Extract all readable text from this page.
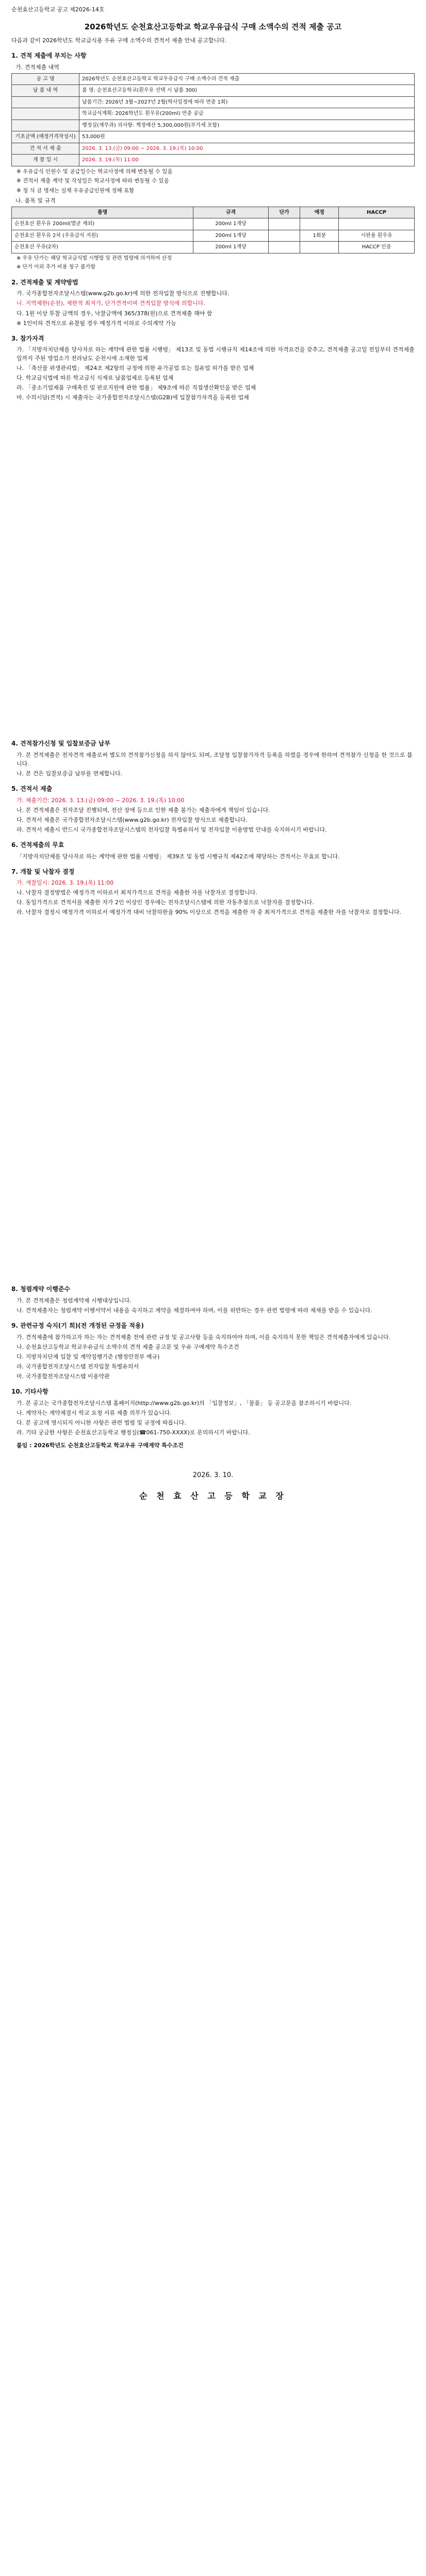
순천효산고등학교 공고 제2026-14호
2026학년도 순천효산고등학교 학교우유급식 구매 소액수의 견적 제출 공고
다음과 같이 2026학년도 학교급식용 우유 구매 소액수의 견적서 제출 안내 공고합니다.
1. 견적 제출에 부치는 사항
가. 견적제출 내역
공 고 명	2026학년도 순천효산고등학교 학교우유급식 구매 소액수의 견적 제출
납 품 내 역	품 명: 순천효산고등학교(흰우유 선택 시 납품 300)
	납품기간: 2026년 3월~2027년 2월(학사일정에 따라 연중 1회)
	학교급식계획: 2026학년도 흰우유(200ml) 연중 공급
	행정실(재무과) 의사항: 책정예산 5,300,000원(부가세 포함)
기초금액 (예정가격작성시)	53,000원
견 적 서 제 출	2026. 3. 13.(금) 09:00 ~ 2026. 3. 19.(목) 10:00
개 찰 일 시	2026. 3. 19.(목) 11:00
※ 우유급식 인원수 및 공급일수는 학교사정에 의해 변동될 수 있음
※ 견적서 제출 계약 및 작성일은 학교사정에 따라 변동될 수 있음
※ 청 식 금 명세는 실제 우유공급인원에 정해 포함
나. 품목 및 규격
품명	규격	단가	예정	HACCP
순천효산 흰우유 200ml(멸균 제외)	200ml 1개당			
순천효산 흰우유 2차 (우유급식 지원)	200ml 1개당		1회분	시판용 흰우유
순천효산 우유(2차)	200ml 1개당			HACCP 인증
※ 우유 단가는 해당 학교급식법 시행령 및 관련 법령에 의거하여 산정
※ 단가 이외 추가 비용 청구 불가함
2. 견적제출 및 계약방법
가. 국가종합전자조달시스템(www.g2b.go.kr)에 의한 전자입찰 방식으로 진행합니다.
나. 지역제한(순천), 제한적 최저가, 단가견적이며 견적입찰 방식에 의합니다.
다. 1원 이상 투찰 금액의 경우, 낙찰금액에 365/378(원)으로 견적제출 해야 함
※ 1인이하 견적으로 유찰될 경우 예정가격 이하로 수의계약 가능
3. 참가자격
가. 「지방자치단체를 당사자로 하는 계약에 관한 법률 시행령」 제13조 및 동법 시행규칙 제14조에 의한 자격요건을 갖추고, 견적제출 공고일 전일부터 견적제출일까지 주된 영업소가 전라남도 순천시에 소재한 업체
나. 「축산물 위생관리법」 제24조 제2항의 규정에 의한 유가공업 또는 집유업 허가를 받은 업체
다. 학교급식법에 따른 학교급식 식재료 납품업체로 등록된 업체
라. 「중소기업제품 구매촉진 및 판로지원에 관한 법률」 제9조에 따른 직접생산확인을 받은 업체
마. 수의시담(견적) 시 제출자는 국가종합전자조달시스템(G2B)에 입찰참가자격을 등록한 업체
4. 견적참가신청 및 입찰보증금 납부
가. 본 견적제출은 전자견적 제출로써 별도의 견적참가신청을 하지 않아도 되며, 조달청 입찰참가자격 등록을 하였을 경우에 한하여 견적참가 신청을 한 것으로 봅니다.
나. 본 건은 입찰보증금 납부를 면제합니다.
5. 견적서 제출
가. 제출기간: 2026. 3. 13.(금) 09:00 ~ 2026. 3. 19.(목) 10:00
나. 본 견적제출은 전자조달 진행되며, 전산 장애 등으로 인한 제출 불가는 제출자에게 책임이 있습니다.
다. 견적서 제출은 국가종합전자조달시스템(www.g2b.go.kr) 전자입찰 방식으로 제출합니다.
라. 견적서 제출시 반드시 국가종합전자조달시스템의 전자입찰 특별유의서 및 전자입찰 이용방법 안내를 숙지하시기 바랍니다.
6. 견적제출의 무효
「지방자치단체를 당사자로 하는 계약에 관한 법률 시행령」 제39조 및 동법 시행규칙 제42조에 해당하는 견적서는 무효로 합니다.
7. 개찰 및 낙찰자 결정
가. 개찰일시: 2026. 3. 19.(목) 11:00
나. 낙찰자 결정방법은 예정가격 이하로서 최저가격으로 견적을 제출한 자를 낙찰자로 결정합니다.
다. 동일가격으로 견적서를 제출한 자가 2인 이상인 경우에는 전자조달시스템에 의한 자동추첨으로 낙찰자를 결정합니다.
라. 낙찰자 결정시 예정가격 이하로서 예정가격 대비 낙찰하한율 90% 이상으로 견적을 제출한 자 중 최저가격으로 견적을 제출한 자를 낙찰자로 결정합니다.
8. 청렴계약 이행준수
가. 본 견적제출은 청렴계약제 시행대상입니다.
나. 견적제출자는 청렴계약 이행서약서 내용을 숙지하고 계약을 체결하여야 하며, 이를 위반하는 경우 관련 법령에 따라 제재를 받을 수 있습니다.
9. 관련규정 숙지(기 희)(전 개정된 규정을 적용)
가. 견적제출에 참가하고자 하는 자는 견적제출 전에 관련 규정 및 공고사항 등을 숙지하여야 하며, 이를 숙지하지 못한 책임은 견적제출자에게 있습니다.
나. 순천효산고등학교 학교우유급식 소액수의 견적 제출 공고문 및 우유 구매계약 특수조건
다. 지방자치단체 입찰 및 계약집행기준 (행정안전부 예규)
라. 국가종합전자조달시스템 전자입찰 특별유의서
마. 국가종합전자조달시스템 이용약관
10. 기타사항
가. 본 공고는 국가종합전자조달시스템 홈페이지(http://www.g2b.go.kr)의 「입찰정보」, 「물품」 등 공고문을 참조하시기 바랍니다.
나. 계약자는 계약체결시 학교 요청 서류 제출 의무가 있습니다.
다. 본 공고에 명시되지 아니한 사항은 관련 법령 및 규정에 따릅니다.
라. 기타 궁금한 사항은 순천효산고등학교 행정실(☎061-750-XXXX)로 문의하시기 바랍니다.
붙임 : 2026학년도 순천효산고등학교 학교우유 구매계약 특수조건
2026. 3. 10.
순 천 효 산 고 등 학 교 장
